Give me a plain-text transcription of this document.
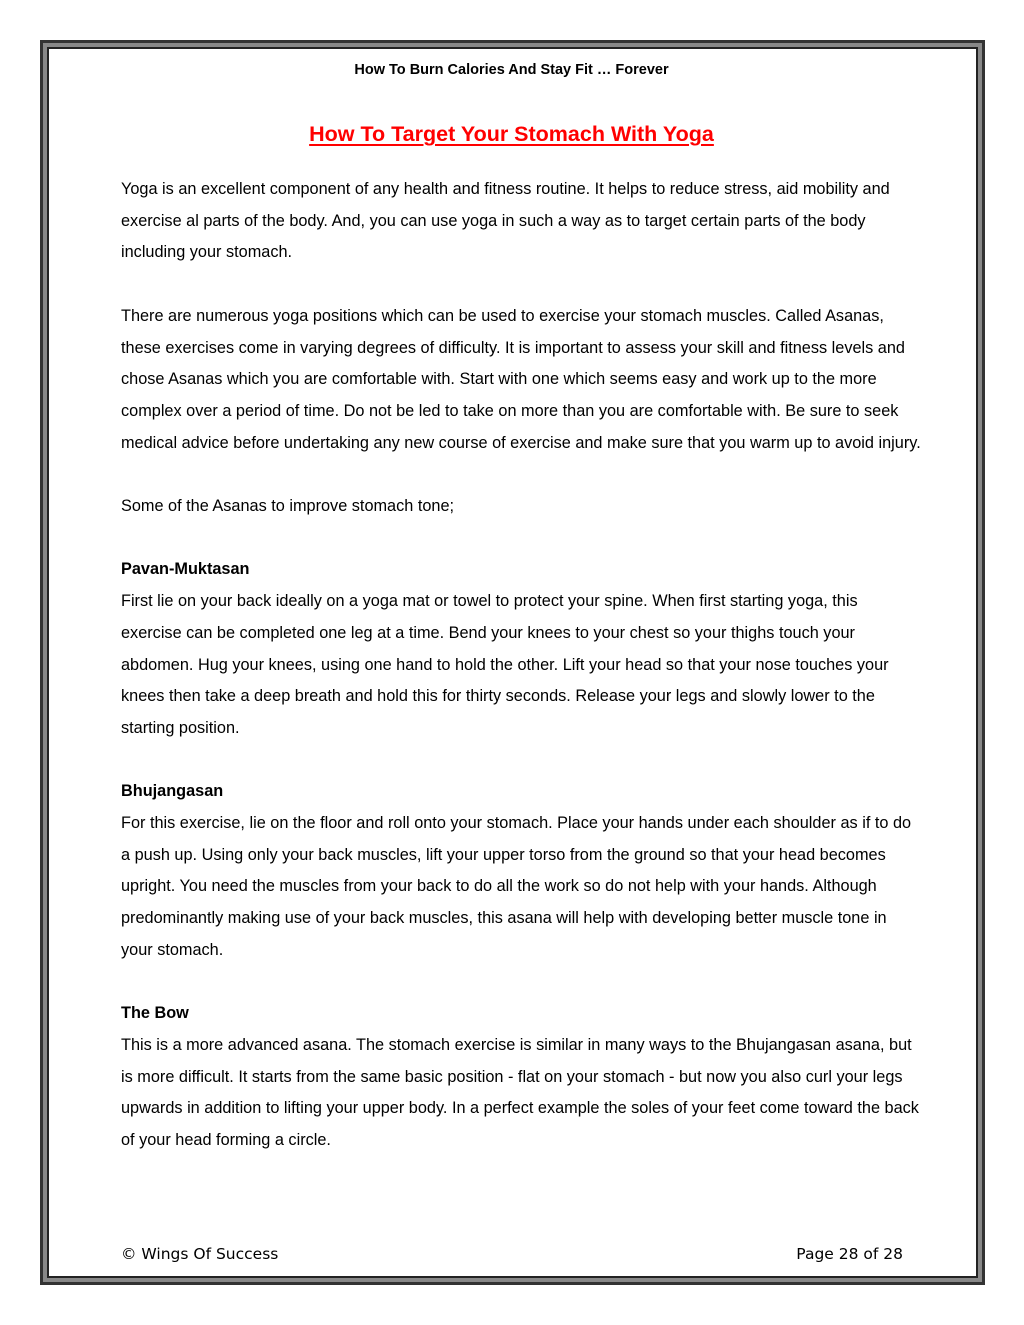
How To Burn Calories And Stay Fit … Forever
How To Target Your Stomach With Yoga

Yoga is an excellent component of any health and fitness routine. It helps to reduce stress, aid mobility and exercise al parts of the body. And, you can use yoga in such a way as to target certain parts of the body including your stomach.

There are numerous yoga positions which can be used to exercise your stomach muscles. Called Asanas, these exercises come in varying degrees of difficulty. It is important to assess your skill and fitness levels and chose Asanas which you are comfortable with. Start with one which seems easy and work up to the more complex over a period of time. Do not be led to take on more than you are comfortable with. Be sure to seek medical advice before undertaking any new course of exercise and make sure that you warm up to avoid injury.

Some of the Asanas to improve stomach tone;

Pavan-Muktasan

First lie on your back ideally on a yoga mat or towel to protect your spine. When first starting yoga, this exercise can be completed one leg at a time. Bend your knees to your chest so your thighs touch your abdomen. Hug your knees, using one hand to hold the other. Lift your head so that your nose touches your knees then take a deep breath and hold this for thirty seconds. Release your legs and slowly lower to the starting position.

Bhujangasan

For this exercise, lie on the floor and roll onto your stomach. Place your hands under each shoulder as if to do a push up. Using only your back muscles, lift your upper torso from the ground so that your head becomes upright. You need the muscles from your back to do all the work so do not help with your hands. Although predominantly making use of your back muscles, this asana will help with developing better muscle tone in your stomach.

The Bow

This is a more advanced asana. The stomach exercise is similar in many ways to the Bhujangasan asana, but is more difficult. It starts from the same basic position - flat on your stomach - but now you also curl your legs upwards in addition to lifting your upper body. In a perfect example the soles of your feet come toward the back of your head forming a circle.

© Wings Of Success	Page 28 of 28
